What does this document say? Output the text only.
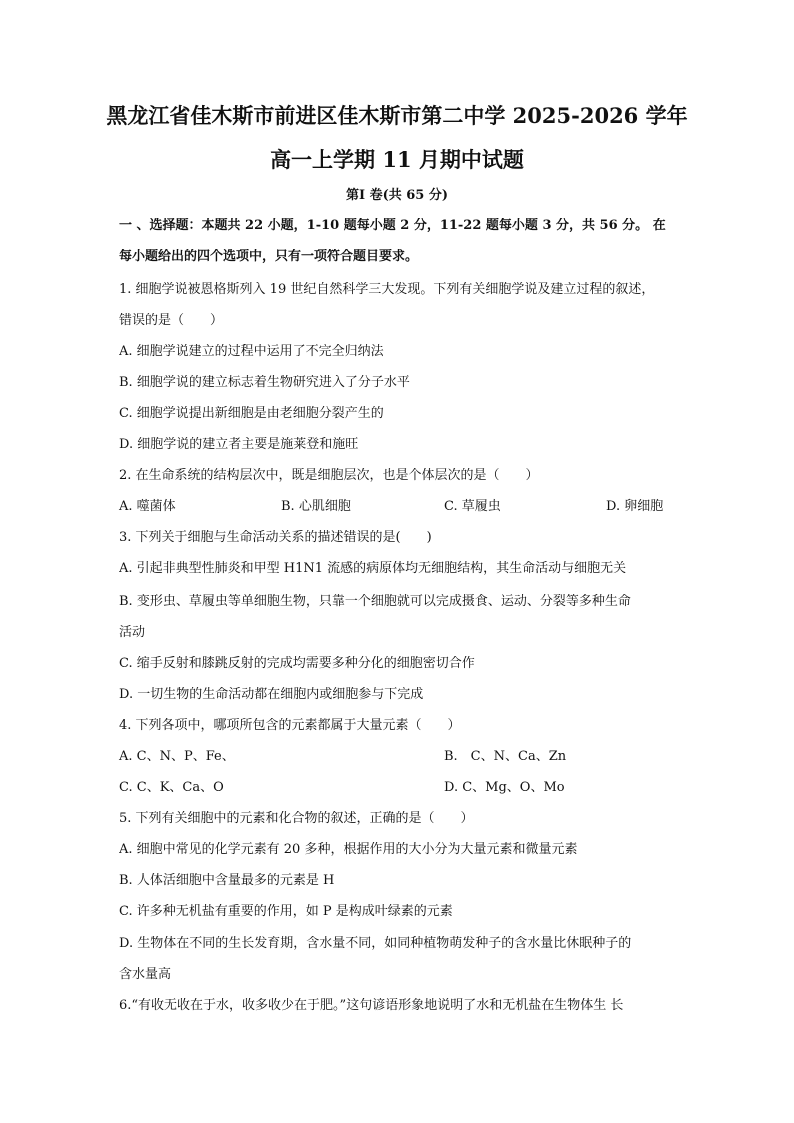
黑龙江省佳木斯市前进区佳木斯市第二中学 2025-2026 学年
高一上学期 11 月期中试题
第Ⅰ 卷(共 65 分)
一 、选择题：本题共 22 小题，1-10 题每小题 2 分，11-22 题每小题 3 分，共 56 分。 在
每小题给出的四个选项中，只有一项符合题目要求。
1. 细胞学说被恩格斯列入 19 世纪自然科学三大发现。下列有关细胞学说及建立过程的叙述，
错误的是（　　）
A. 细胞学说建立的过程中运用了不完全归纳法
B. 细胞学说的建立标志着生物研究进入了分子水平
C. 细胞学说提出新细胞是由老细胞分裂产生的
D. 细胞学说的建立者主要是施莱登和施旺
2. 在生命系统的结构层次中，既是细胞层次，也是个体层次的是（　　）
A. 噬菌体	B. 心肌细胞	C. 草履虫	D. 卵细胞
3. 下列关于细胞与生命活动关系的描述错误的是(　　)
A. 引起非典型性肺炎和甲型 H1N1 流感的病原体均无细胞结构，其生命活动与细胞无关
B. 变形虫、草履虫等单细胞生物，只靠一个细胞就可以完成摄食、运动、分裂等多种生命
活动
C. 缩手反射和膝跳反射的完成均需要多种分化的细胞密切合作
D. 一切生物的生命活动都在细胞内或细胞参与下完成
4. 下列各项中，哪项所包含的元素都属于大量元素（　　）
A. C、N、P、Fe、	B.　C、N、Ca、Zn
C. C、K、Ca、O	D. C、Mg、O、Mo
5. 下列有关细胞中的元素和化合物的叙述，正确的是（　　）
A. 细胞中常见的化学元素有 20 多种，根据作用的大小分为大量元素和微量元素
B. 人体活细胞中含量最多的元素是 H
C. 许多种无机盐有重要的作用，如 P 是构成叶绿素的元素
D. 生物体在不同的生长发育期，含水量不同，如同种植物萌发种子的含水量比休眠种子的
含水量高
6.“有收无收在于水，收多收少在于肥。”这句谚语形象地说明了水和无机盐在生物体生 长
